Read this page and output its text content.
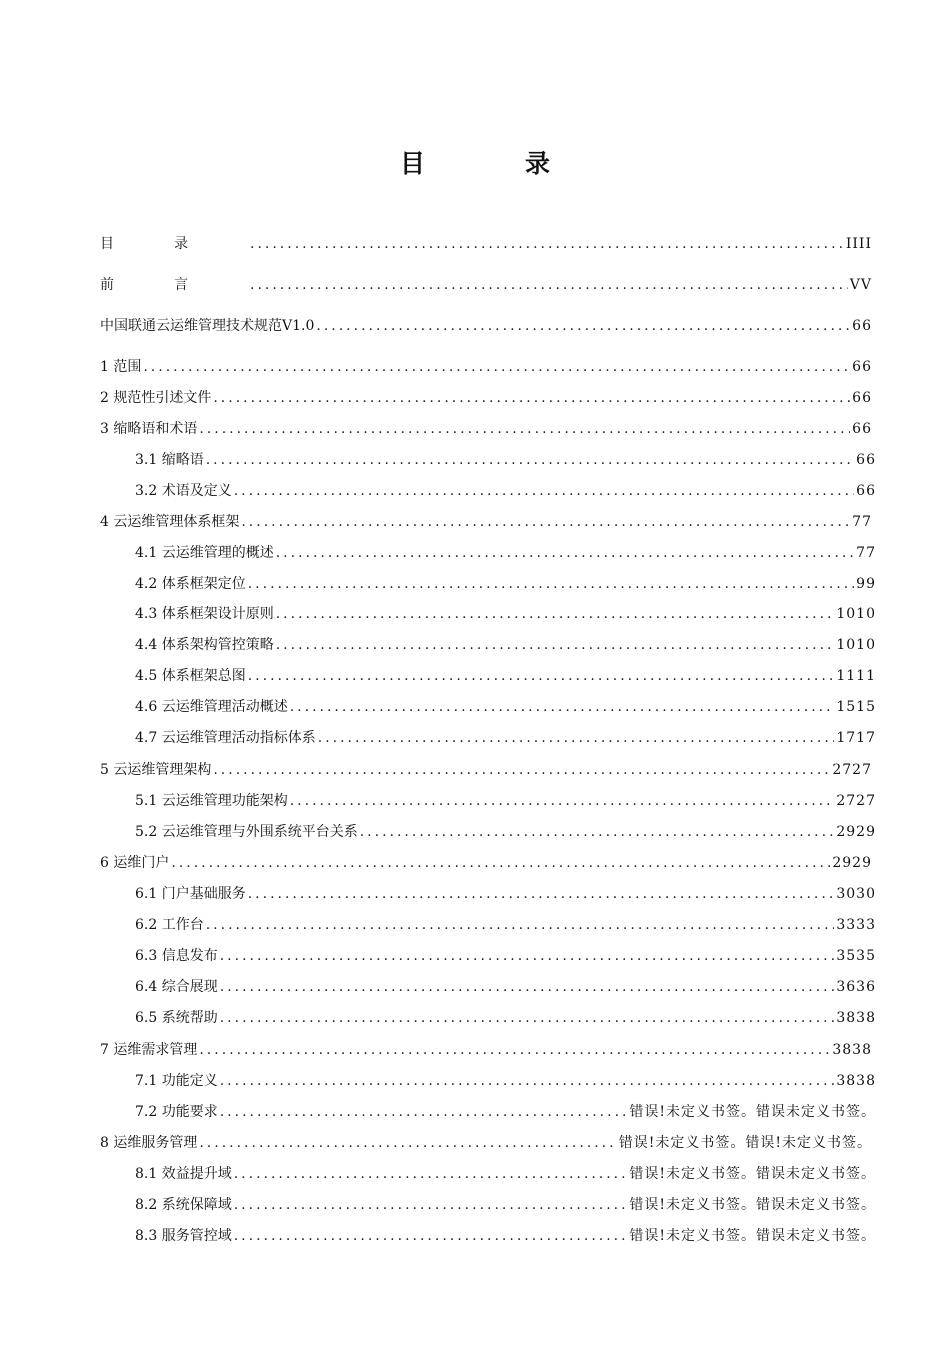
目　　　　录
目录 .....	IIII
前言 .....	VV
中国联通云运维管理技术规范V1.0 .....	66
1 范围 .....	66
2 规范性引述文件 .....	66
3 缩略语和术语 .....	66
3.1 缩略语 .....	66
3.2 术语及定义 .....	66
4 云运维管理体系框架 .....	77
4.1 云运维管理的概述 .....	77
4.2 体系框架定位 .....	99
4.3 体系框架设计原则 .....	1010
4.4 体系架构管控策略 .....	1010
4.5 体系框架总图 .....	1111
4.6 云运维管理活动概述 .....	1515
4.7 云运维管理活动指标体系 .....	1717
5 云运维管理架构 .....	2727
5.1 云运维管理功能架构 .....	2727
5.2 云运维管理与外围系统平台关系 .....	2929
6 运维门户 .....	2929
6.1 门户基础服务 .....	3030
6.2 工作台 .....	3333
6.3 信息发布 .....	3535
6.4 综合展现 .....	3636
6.5 系统帮助 .....	3838
7 运维需求管理 .....	3838
7.1 功能定义 .....	3838
7.2 功能要求 .....	错误!未定义书签。错误未定义书签。
8 运维服务管理 .....	错误!未定义书签。错误!未定义书签。
8.1 效益提升域 .....	错误!未定义书签。错误未定义书签。
8.2 系统保障域 .....	错误!未定义书签。错误未定义书签。
8.3 服务管控域 .....	错误!未定义书签。错误未定义书签。
